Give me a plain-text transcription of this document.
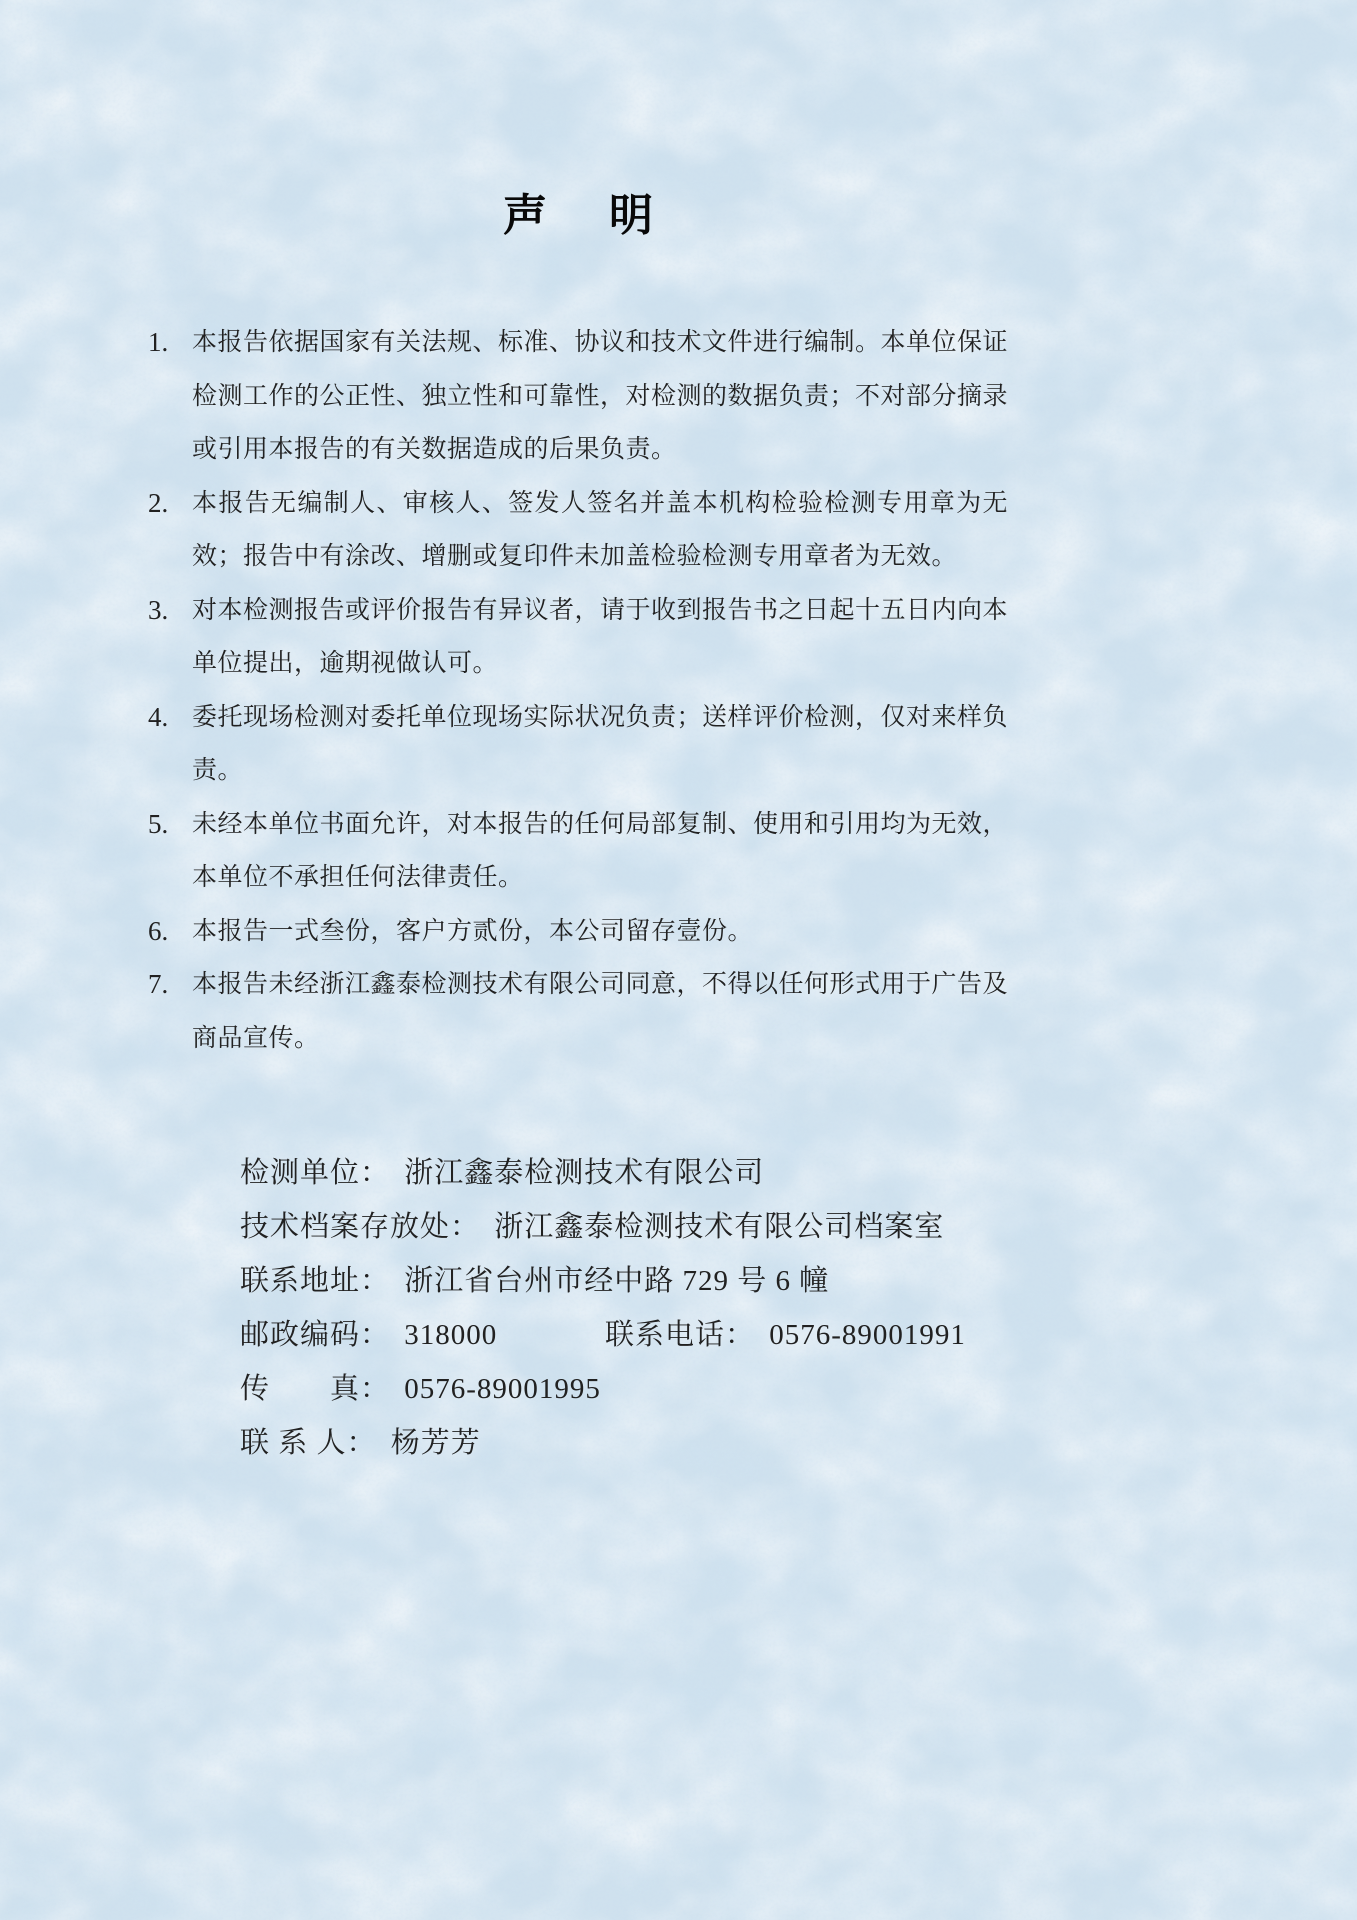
声 明
1. 本报告依据国家有关法规、标准、协议和技术文件进行编制。本单位保证检测工作的公正性、独立性和可靠性，对检测的数据负责；不对部分摘录或引用本报告的有关数据造成的后果负责。
2. 本报告无编制人、审核人、签发人签名并盖本机构检验检测专用章为无效；报告中有涂改、增删或复印件未加盖检验检测专用章者为无效。
3. 对本检测报告或评价报告有异议者，请于收到报告书之日起十五日内向本单位提出，逾期视做认可。
4. 委托现场检测对委托单位现场实际状况负责；送样评价检测，仅对来样负责。
5. 未经本单位书面允许，对本报告的任何局部复制、使用和引用均为无效，本单位不承担任何法律责任。
6. 本报告一式叁份，客户方贰份，本公司留存壹份。
7. 本报告未经浙江鑫泰检测技术有限公司同意，不得以任何形式用于广告及商品宣传。
检测单位： 浙江鑫泰检测技术有限公司
技术档案存放处： 浙江鑫泰检测技术有限公司档案室
联系地址： 浙江省台州市经中路 729 号 6 幢
邮政编码： 318000	联系电话： 0576-89001991
传　　真： 0576-89001995
联 系 人： 杨芳芳
